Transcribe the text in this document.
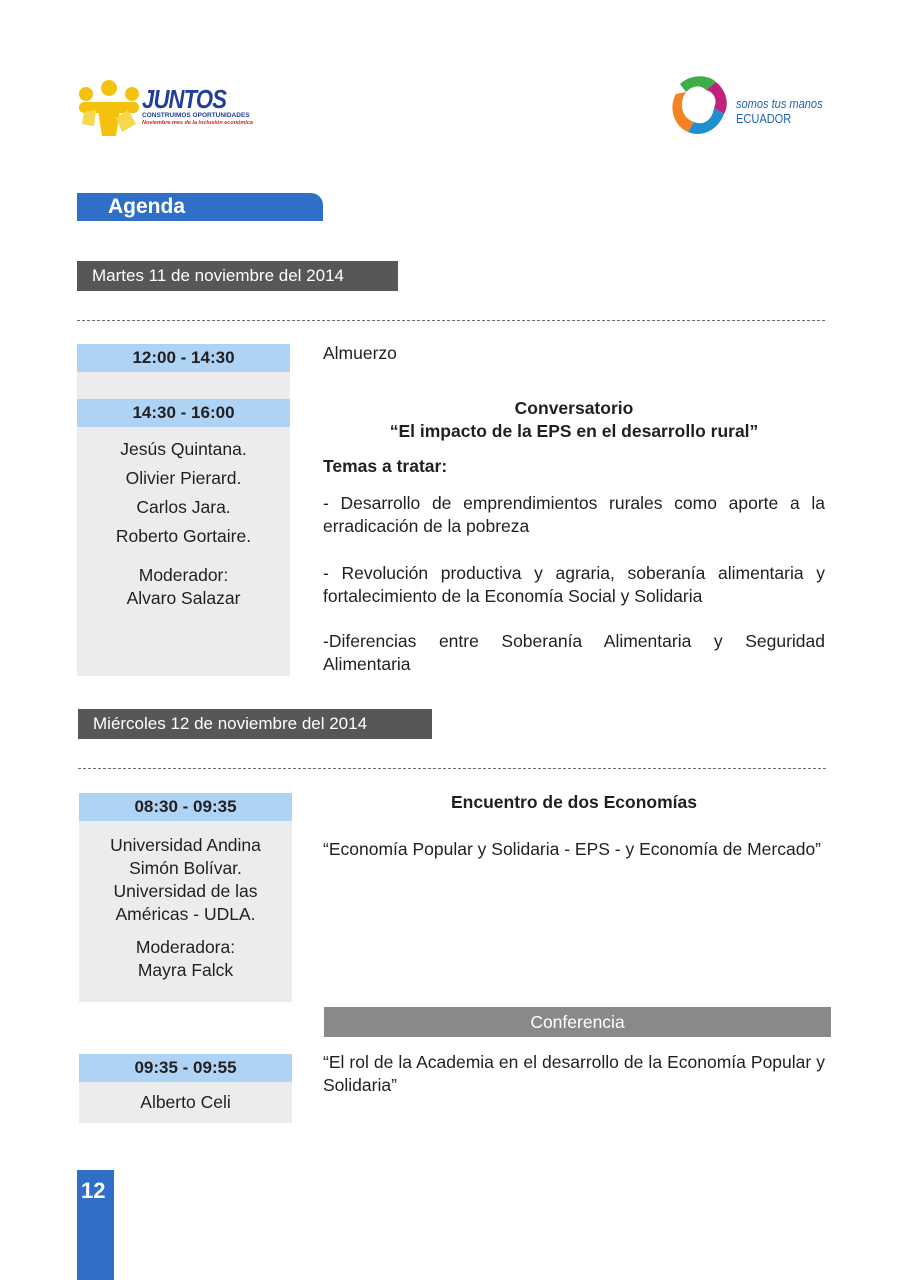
JUNTOS
CONSTRUIMOS OPORTUNIDADES
Noviembre mes de la inclusión económica
somos tus manos
ECUADOR
Agenda
Martes 11 de noviembre del 2014
12:00 - 14:30	Almuerzo
14:30 - 16:00
Jesús Quintana.
Olivier Pierard.
Carlos Jara.
Roberto Gortaire.
Moderador:
Alvaro Salazar
Conversatorio
“El impacto de la EPS en el desarrollo rural”
Temas a tratar:
- Desarrollo de emprendimientos rurales como aporte a la erradicación de la pobreza
- Revolución productiva y agraria, soberanía alimentaria y fortalecimiento de la Economía Social y Solidaria
-Diferencias entre Soberanía Alimentaria y Seguridad Alimentaria
Miércoles 12 de noviembre del 2014
08:30 - 09:35
Universidad Andina Simón Bolívar. Universidad de las Américas - UDLA.
Moderadora:
Mayra Falck
Encuentro de dos Economías
“Economía Popular y Solidaria - EPS - y Economía de Mercado”
Conferencia
09:35 - 09:55
Alberto Celi
“El rol de la Academia en el desarrollo de la Economía Popular y Solidaria”
12
